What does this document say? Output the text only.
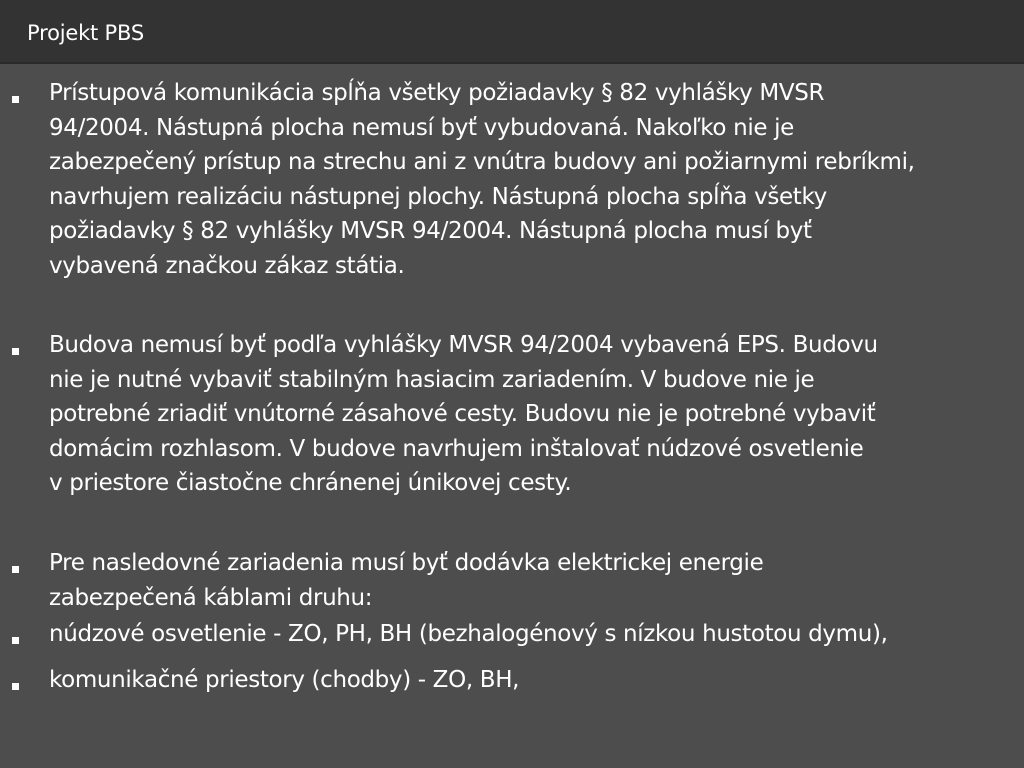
Projekt PBS
Prístupová komunikácia spĺňa všetky požiadavky § 82 vyhlášky MVSR
94/2004. Nástupná plocha nemusí byť vybudovaná. Nakoľko nie je
zabezpečený prístup na strechu ani z vnútra budovy ani požiarnymi rebríkmi,
navrhujem realizáciu nástupnej plochy. Nástupná plocha spĺňa všetky
požiadavky § 82 vyhlášky MVSR 94/2004. Nástupná plocha musí byť
vybavená značkou zákaz státia.
Budova nemusí byť podľa vyhlášky MVSR 94/2004 vybavená EPS. Budovu
nie je nutné vybaviť stabilným hasiacim zariadením. V budove nie je
potrebné zriadiť vnútorné zásahové cesty. Budovu nie je potrebné vybaviť
domácim rozhlasom. V budove navrhujem inštalovať núdzové osvetlenie
v priestore čiastočne chránenej únikovej cesty.
Pre nasledovné zariadenia musí byť dodávka elektrickej energie
zabezpečená káblami druhu:
núdzové osvetlenie - ZO, PH, BH (bezhalogénový s nízkou hustotou dymu),
komunikačné priestory (chodby) - ZO, BH,
